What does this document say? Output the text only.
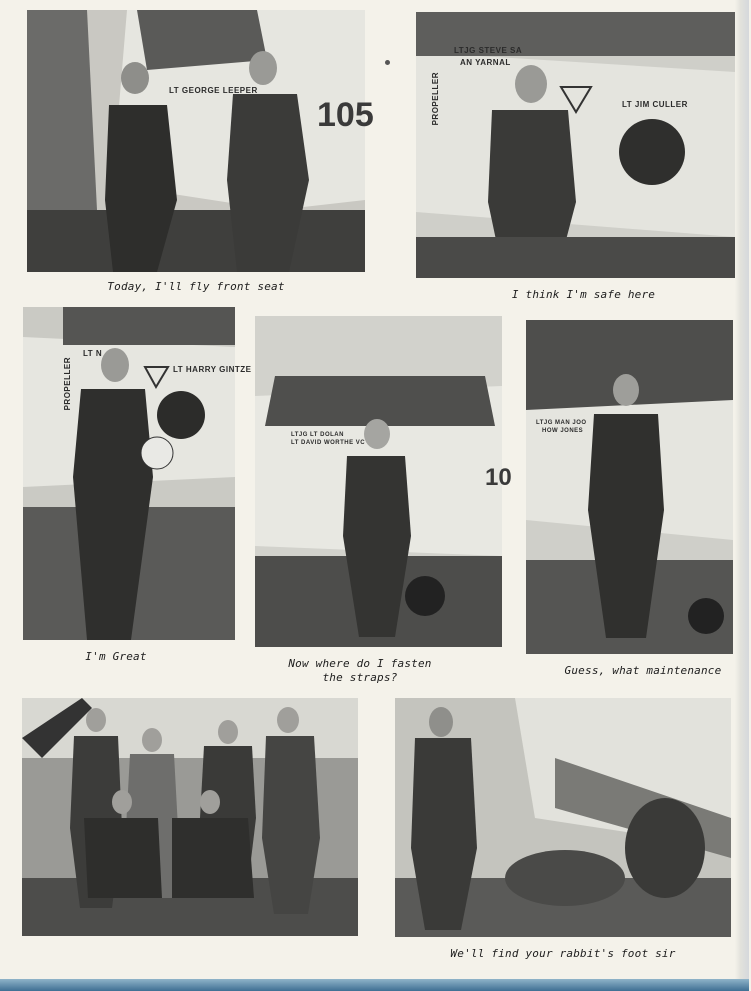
LT GEORGE LEEPER
105
Today, I'll fly front seat
LTJG STEVE SA
AN YARNAL
LT JIM CULLER
PROPELLER
I think I'm safe here
LT N
LT HARRY GINTZE
PROPELLER
I'm Great
LTJG LT DOLAN
LT DAVID WORTHE VC
10
Now where do I fasten
the straps?
LTJG MAN JOO
HOW JONES
Guess, what maintenance
We'll find your rabbit's foot sir
